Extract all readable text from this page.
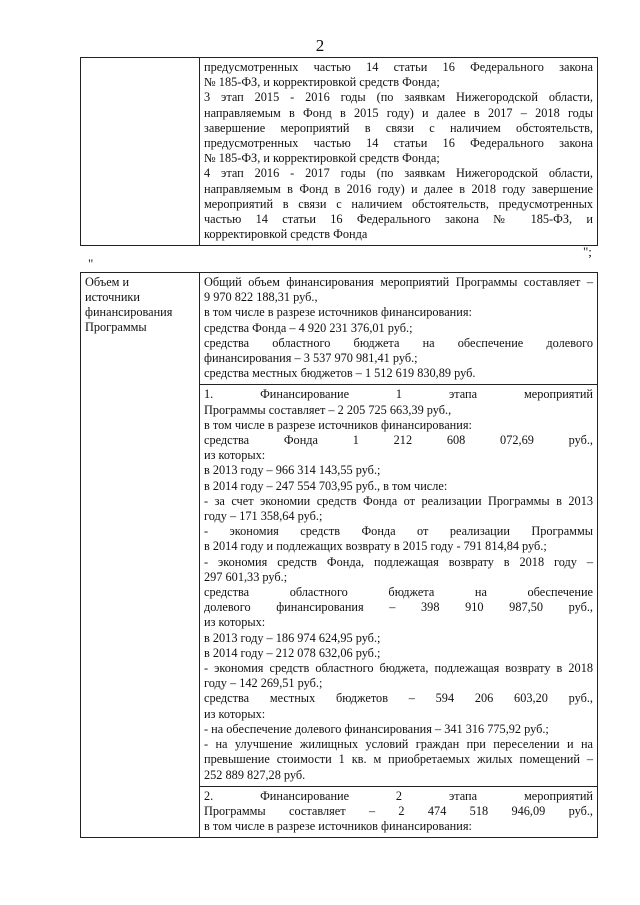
2

предусмотренных частью 14 статьи 16 Федерального закона
№ 185-ФЗ, и корректировкой средств Фонда;
3 этап 2015 - 2016 годы (по заявкам Нижегородской области,
направляемым в Фонд в 2015 году) и далее в 2017 – 2018 годы
завершение мероприятий в связи с наличием обстоятельств,
предусмотренных частью 14 статьи 16 Федерального закона
№ 185-ФЗ, и корректировкой средств Фонда;
4 этап 2016 - 2017 годы (по заявкам Нижегородской области,
направляемым в Фонд в 2016 году) и далее в 2018 году завершение
мероприятий в связи с наличием обстоятельств, предусмотренных
частью 14 статьи 16 Федерального закона № 185-ФЗ, и
корректировкой средств Фонда
";
"
Объем и
источники
финансирования
Программы

Общий объем финансирования мероприятий Программы составляет –
9 970 822 188,31 руб.,
в том числе в разрезе источников финансирования:
средства Фонда – 4 920 231 376,01 руб.;
средства областного бюджета на обеспечение долевого
финансирования – 3 537 970 981,41 руб.;
средства местных бюджетов – 1 512 619 830,89 руб.

1. Финансирование 1 этапа мероприятий
Программы составляет – 2 205 725 663,39 руб.,
в том числе в разрезе источников финансирования:
средства Фонда 1 212 608 072,69 руб.,
из которых:
в 2013 году – 966 314 143,55 руб.;
в 2014 году – 247 554 703,95 руб., в том числе:
- за счет экономии средств Фонда от реализации Программы в 2013
году – 171 358,64 руб.;
- экономия средств Фонда от реализации Программы
в 2014 году и подлежащих возврату в 2015 году - 791 814,84 руб.;
- экономия средств Фонда, подлежащая возврату в 2018 году –
297 601,33 руб.;
средства областного бюджета на обеспечение
долевого финансирования – 398 910 987,50 руб.,
из которых:
в 2013 году – 186 974 624,95 руб.;
в 2014 году – 212 078 632,06 руб.;
- экономия средств областного бюджета, подлежащая возврату в 2018
году – 142 269,51 руб.;
средства местных бюджетов – 594 206 603,20 руб.,
из которых:
- на обеспечение долевого финансирования – 341 316 775,92 руб.;
- на улучшение жилищных условий граждан при переселении и на
превышение стоимости 1 кв. м приобретаемых жилых помещений –
252 889 827,28 руб.

2. Финансирование 2 этапа мероприятий
Программы составляет – 2 474 518 946,09 руб.,
в том числе в разрезе источников финансирования:
